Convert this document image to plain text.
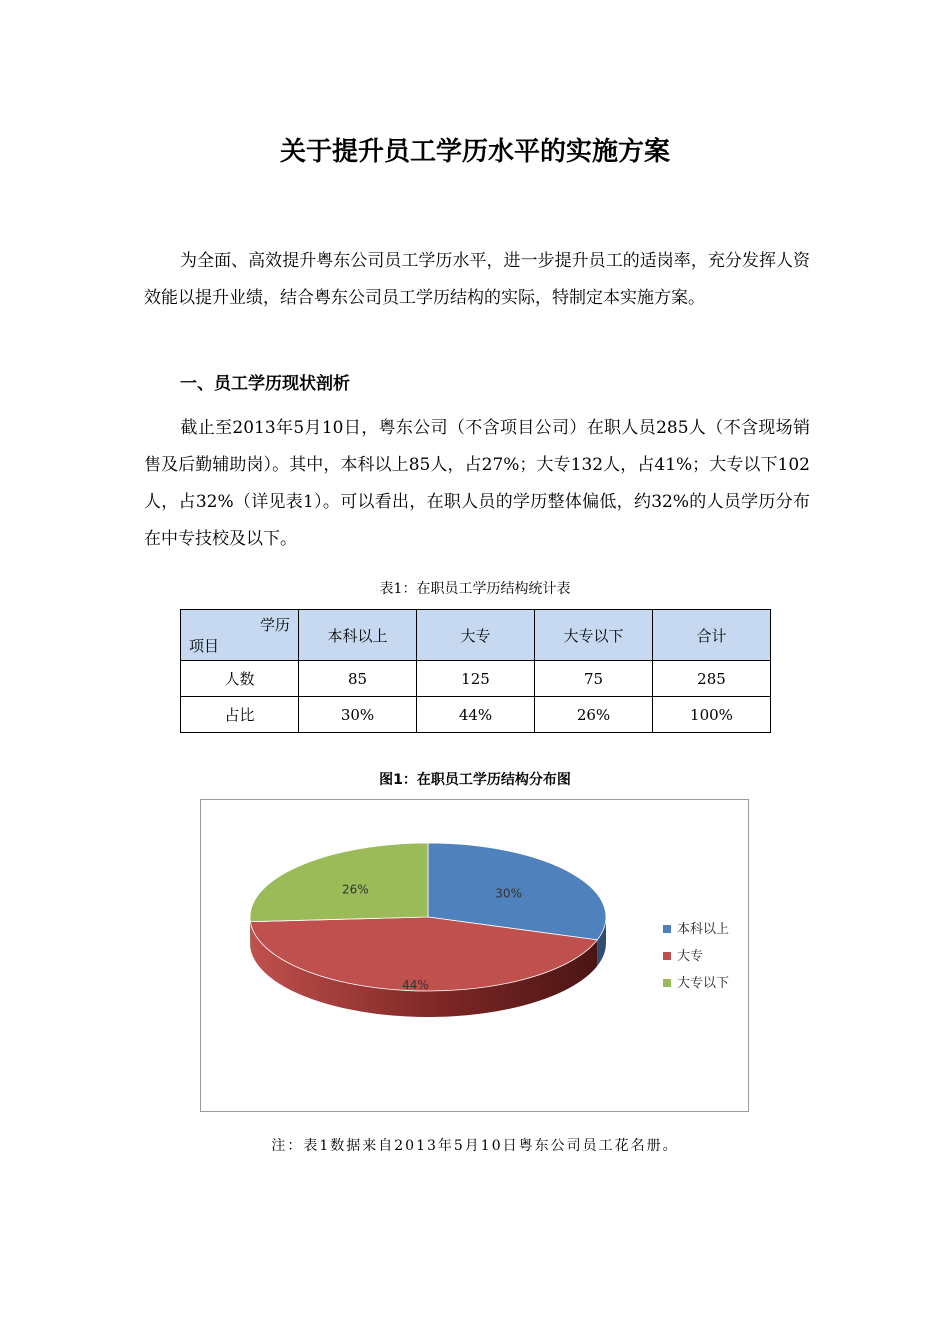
关于提升员工学历水平的实施方案

为全面、高效提升粤东公司员工学历水平，进一步提升员工的适岗率，充分发挥人资效能以提升业绩，结合粤东公司员工学历结构的实际，特制定本实施方案。

一、员工学历现状剖析

截止至2013年5月10日，粤东公司（不含项目公司）在职人员285人（不含现场销售及后勤辅助岗）。其中，本科以上85人，占27%；大专132人，占41%；大专以下102人，占32%（详见表1）。可以看出，在职人员的学历整体偏低，约32%的人员学历分布在中专技校及以下。

表1：在职员工学历结构统计表
学历
项目	本科以上	大专	大专以下	合计
人数	85	125	75	285
占比	30%	44%	26%	100%
图1：在职员工学历结构分布图
30%
44%
26%
本科以上
大专
大专以下
注：表1数据来自2013年5月10日粤东公司员工花名册。
